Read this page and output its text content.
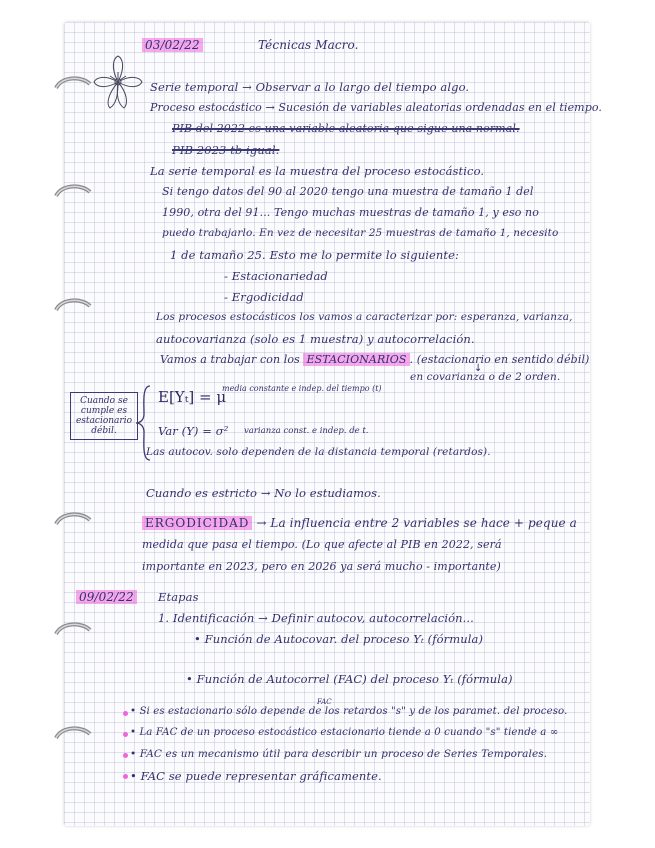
03/02/22	Técnicas Macro.
Serie temporal → Observar a lo largo del tiempo algo.
Proceso estocástico → Sucesión de variables aleatorias ordenadas en el tiempo.
PIB del 2022 es una variable aleatoria que sigue una normal.
PIB 2023 tb igual.
La serie temporal es la muestra del proceso estocástico.
Si tengo datos del 90 al 2020 tengo una muestra de tamaño 1 del
1990, otra del 91... Tengo muchas muestras de tamaño 1, y eso no
puedo trabajarlo. En vez de necesitar 25 muestras de tamaño 1, necesito
1 de tamaño 25. Esto me lo permite lo siguiente:
- Estacionariedad
- Ergodicidad
Los procesos estocásticos los vamos a caracterizar por: esperanza, varianza,
autocovarianza (solo es 1 muestra) y autocorrelación.
Vamos a trabajar con los ESTACIONARIOS . (estacionario en sentido débil)
en covarianza o de 2 orden.
↓
Cuando se cumple es estacionario débil.
E[Yₜ] = μ
media constante e indep. del tiempo (t)
Var (Y) = σ² varianza const. e indep. de t.
Las autocov. solo dependen de la distancia temporal (retardos).
Cuando es estricto → No lo estudiamos.
ERGODICIDAD → La influencia entre 2 variables se hace + peque a
medida que pasa el tiempo. (Lo que afecte al PIB en 2022, será
importante en 2023, pero en 2026 ya será mucho - importante)
09/02/22 Etapas
1. Identificación → Definir autocov, autocorrelación...
• Función de Autocovar. del proceso Yₜ (fórmula)
• Función de Autocorrel (FAC) del proceso Yₜ (fórmula)
FAC
• Si es estacionario sólo depende de los retardos "s" y de los paramet. del proceso.
• La FAC de un proceso estocástico estacionario tiende a 0 cuando "s" tiende a ∞
• FAC es un mecanismo útil para describir un proceso de Series Temporales.
• FAC se puede representar gráficamente.
